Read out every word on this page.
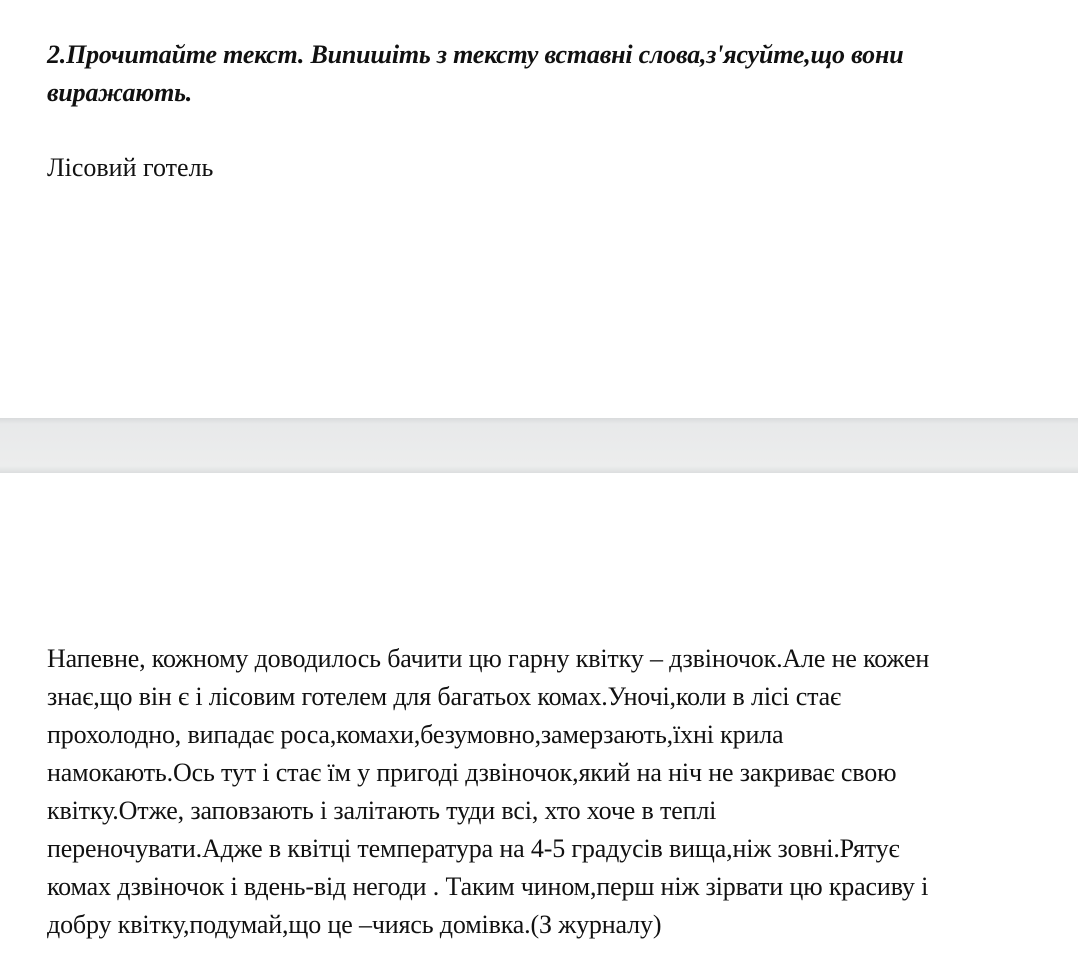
2.Прочитайте текст. Випишіть з тексту вставні слова,з'ясуйте,що вони
виражають.

Лісовий готель

Напевне, кожному доводилось бачити цю гарну квітку – дзвіночок.Але не кожен
знає,що він є і лісовим готелем для багатьох комах.Уночі,коли в лісі стає
прохолодно, випадає роса,комахи,безумовно,замерзають,їхні крила
намокають.Ось тут і стає їм у пригоді дзвіночок,який на ніч не закриває свою
квітку.Отже, заповзають і залітають туди всі, хто хоче в теплі
переночувати.Адже в квітці температура на 4-5 градусів вища,ніж зовні.Рятує
комах дзвіночок і вдень-від негоди . Таким чином,перш ніж зірвати цю красиву і
добру квітку,подумай,що це –чиясь домівка.(З журналу)
